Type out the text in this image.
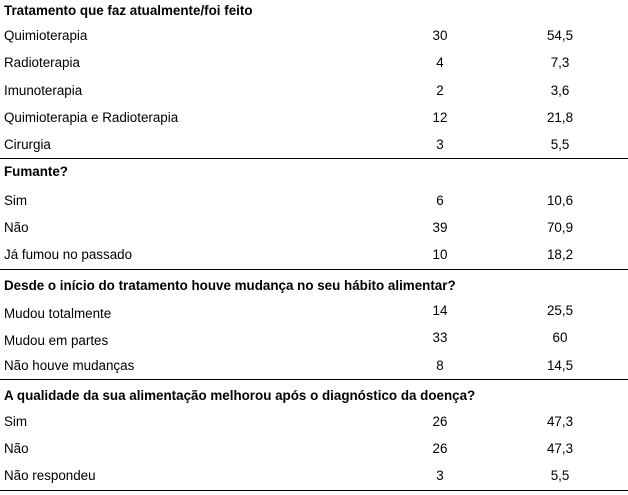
Tratamento que faz atualmente/foi feito
Quimioterapia	30	54,5
Radioterapia	4	7,3
Imunoterapia	2	3,6
Quimioterapia e Radioterapia	12	21,8
Cirurgia	3	5,5
Fumante?
Sim	6	10,6
Não	39	70,9
Já fumou no passado	10	18,2
Desde o início do tratamento houve mudança no seu hábito alimentar?
Mudou totalmente	14	25,5
Mudou em partes	33	60
Não houve mudanças	8	14,5
A qualidade da sua alimentação melhorou após o diagnóstico da doença?
Sim	26	47,3
Não	26	47,3
Não respondeu	3	5,5
